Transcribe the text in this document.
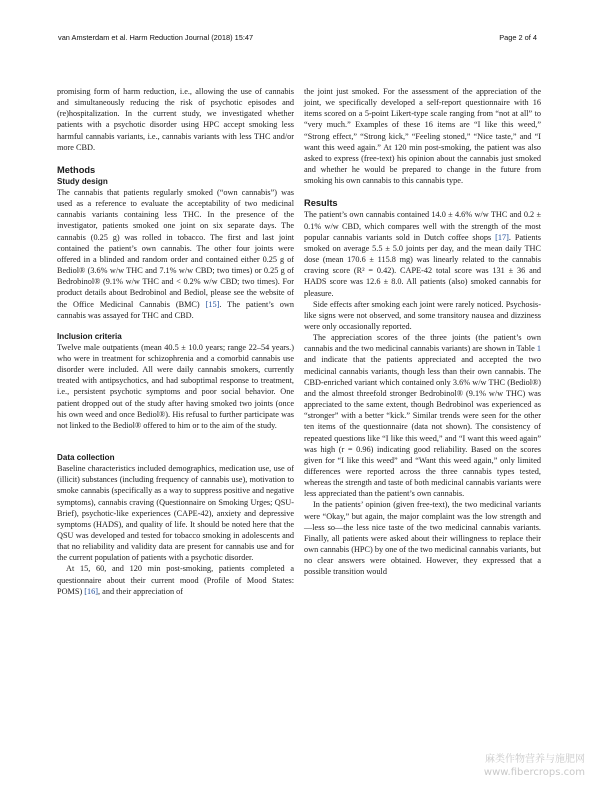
van Amsterdam et al. Harm Reduction Journal (2018) 15:47	Page 2 of 4

promising form of harm reduction, i.e., allowing the use of cannabis and simultaneously reducing the risk of psychotic episodes and (re)hospitalization. In the current study, we investigated whether patients with a psychotic disorder using HPC accept smoking less harmful cannabis variants, i.e., cannabis variants with less THC and/or more CBD.

Methods
Study design

The cannabis that patients regularly smoked (“own cannabis”) was used as a reference to evaluate the acceptability of two medicinal cannabis variants containing less THC. In the presence of the investigator, patients smoked one joint on six separate days. The cannabis (0.25 g) was rolled in tobacco. The first and last joint contained the patient’s own cannabis. The other four joints were offered in a blinded and random order and contained either 0.25 g of Bediol® (3.6% w/w THC and 7.1% w/w CBD; two times) or 0.25 g of Bedrobinol® (9.1% w/w THC and < 0.2% w/w CBD; two times). For product details about Bedrobinol and Bediol, please see the website of the Office Medicinal Cannabis (BMC) [15]. The patient’s own cannabis was assayed for THC and CBD.

Inclusion criteria

Twelve male outpatients (mean 40.5 ± 10.0 years; range 22–54 years.) who were in treatment for schizophrenia and a comorbid cannabis use disorder were included. All were daily cannabis smokers, currently treated with antipsychotics, and had suboptimal response to treatment, i.e., persistent psychotic symptoms and poor social behavior. One patient dropped out of the study after having smoked two joints (once his own weed and once Bediol®). His refusal to further participate was not linked to the Bediol® offered to him or to the aim of the study.

Data collection

Baseline characteristics included demographics, medication use, use of (illicit) substances (including frequency of cannabis use), motivation to smoke cannabis (specifically as a way to suppress positive and negative symptoms), cannabis craving (Questionnaire on Smoking Urges; QSU-Brief), psychotic-like experiences (CAPE-42), anxiety and depressive symptoms (HADS), and quality of life. It should be noted here that the QSU was developed and tested for tobacco smoking in adolescents and that no reliability and validity data are present for cannabis use and for the current population of patients with a psychotic disorder.

At 15, 60, and 120 min post-smoking, patients completed a questionnaire about their current mood (Profile of Mood States: POMS) [16], and their appreciation of

the joint just smoked. For the assessment of the appreciation of the joint, we specifically developed a self-report questionnaire with 16 items scored on a 5-point Likert-type scale ranging from “not at all” to “very much.” Examples of these 16 items are “I like this weed,” “Strong effect,” “Strong kick,” “Feeling stoned,” “Nice taste,” and “I want this weed again.” At 120 min post-smoking, the patient was also asked to express (free-text) his opinion about the cannabis just smoked and whether he would be prepared to change in the future from smoking his own cannabis to this cannabis type.

Results

The patient’s own cannabis contained 14.0 ± 4.6% w/w THC and 0.2 ± 0.1% w/w CBD, which compares well with the strength of the most popular cannabis variants sold in Dutch coffee shops [17]. Patients smoked on average 5.5 ± 5.0 joints per day, and the mean daily THC dose (mean 170.6 ± 115.8 mg) was linearly related to the cannabis craving score (R² = 0.42). CAPE-42 total score was 131 ± 36 and HADS score was 12.6 ± 8.0. All patients (also) smoked cannabis for pleasure.

Side effects after smoking each joint were rarely noticed. Psychosis-like signs were not observed, and some transitory nausea and dizziness were only occasionally reported.

The appreciation scores of the three joints (the patient’s own cannabis and the two medicinal cannabis variants) are shown in Table 1 and indicate that the patients appreciated and accepted the two medicinal cannabis variants, though less than their own cannabis. The CBD-enriched variant which contained only 3.6% w/w THC (Bediol®) and the almost threefold stronger Bedrobinol® (9.1% w/w THC) was appreciated to the same extent, though Bedrobinol was experienced as “stronger” with a better “kick.” Similar trends were seen for the other ten items of the questionnaire (data not shown). The consistency of repeated questions like “I like this weed,” and “I want this weed again” was high (r = 0.96) indicating good reliability. Based on the scores given for “I like this weed” and “Want this weed again,” only limited differences were reported across the three cannabis types tested, whereas the strength and taste of both medicinal cannabis variants were less appreciated than the patient’s own cannabis.

In the patients’ opinion (given free-text), the two medicinal variants were “Okay,” but again, the major complaint was the low strength and—less so—the less nice taste of the two medicinal cannabis variants. Finally, all patients were asked about their willingness to replace their own cannabis (HPC) by one of the two medicinal cannabis variants, but no clear answers were obtained. However, they expressed that a possible transition would

麻类作物营养与施肥网
www.fibercrops.com
